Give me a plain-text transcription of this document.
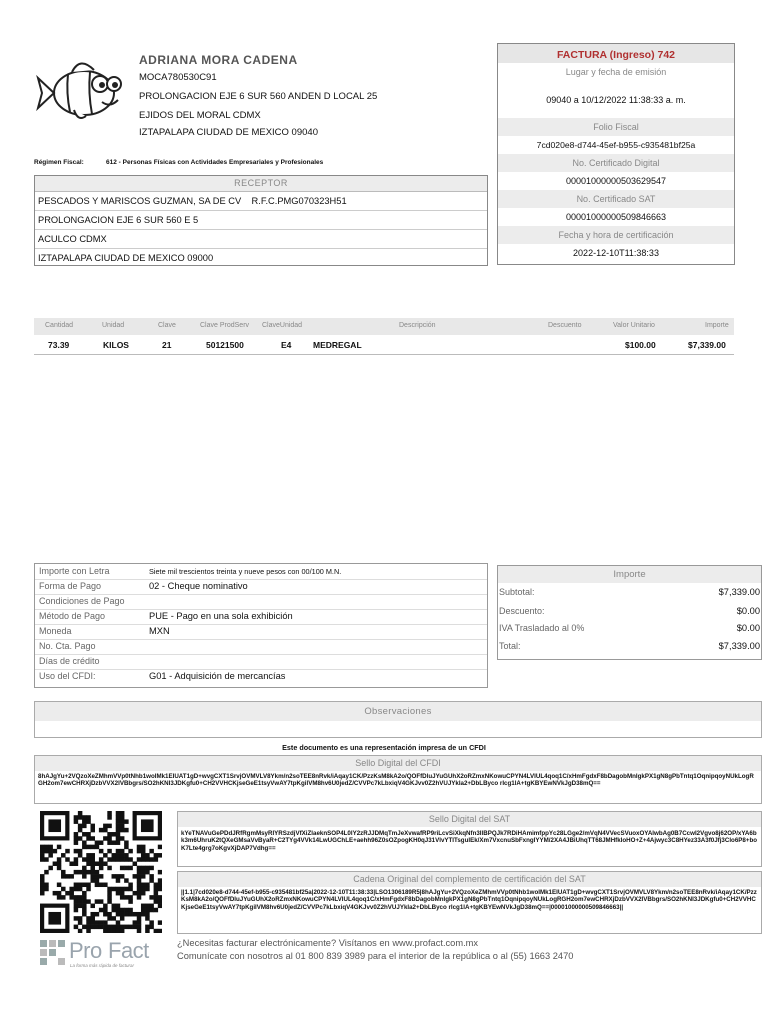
ADRIANA MORA CADENA
MOCA780530C91
PROLONGACION EJE 6 SUR 560 ANDEN D LOCAL 25
EJIDOS DEL MORAL CDMX
IZTAPALAPA CIUDAD DE MEXICO 09040
Régimen Fiscal:	612 - Personas Físicas con Actividades Empresariales y Profesionales
FACTURA (Ingreso) 742
Lugar y fecha de emisión
09040 a 10/12/2022 11:38:33 a. m.
Folio Fiscal
7cd020e8-d744-45ef-b955-c935481bf25a
No. Certificado Digital
00001000000503629547
No. Certificado SAT
00001000000509846663
Fecha y hora de certificación
2022-12-10T11:38:33
RECEPTOR
PESCADOS Y MARISCOS GUZMAN, SA DE CV    R.F.C.PMG070323H51
PROLONGACION EJE 6 SUR 560 E 5
ACULCO CDMX
IZTAPALAPA CIUDAD DE MEXICO 09000
Cantidad	Unidad	Clave	Clave ProdServ ClaveUnidad	Descripción	Descuento	Valor Unitario	Importe
73.39	KILOS	21	50121500	E4	MEDREGAL	$100.00	$7,339.00
Importe con Letra	Siete mil trescientos treinta y nueve pesos con 00/100 M.N.
Forma de Pago	02 - Cheque nominativo
Condiciones de Pago
Método de Pago	PUE - Pago en una sola exhibición
Moneda	MXN
No. Cta. Pago
Días de crédito
Uso del CFDI:	G01 - Adquisición de mercancías
Importe
Subtotal:	$7,339.00
Descuento:	$0.00
IVA Trasladado al 0%	$0.00
Total:	$7,339.00
Observaciones
Este documento es una representación impresa de un CFDI
Sello Digital del CFDI
8hAJgYu+2VQzoXeZMhmVVp0tNhb1woIMk1EIUAT1gD+wvgCXT1SrvjOVMVLV8Ykm/n2soTEE8nRvk/iAqay1CK/PzzKsM8kA2o/QOFfDluJYuGUhX2oRZmxNKowuCPYN4LVIUL4qoq1C/xHmFgdxF8bDagobMnIgkPX1gN8gPbTntq1OqnipqoyNUkLogRGH2om7ewCHRXjDzbVVX2IVBbgrs/SO2hKNI3JDKgfu0+CH2VVHCKjseGeE1tsyVwAY7tpKgiIVM8hv6U0jedZ/CVVPc7kLbxiqV4GKJvv0Z2hVUJYkla2+DbLByco rIcg1lA+tgKBYEwNVkJgD38mQ==
Sello Digital del SAT
kYeTNAVuGePDdJRfRgmMsyRIYRSzdjVfXiZlaeknSOP4L0lY2zRJJDMqTmJeXvwafRP9riLcvSiXkqNfn3lIBPQJk7RDiHAmimfppYc28LGge2/mVqN4VVecSVuoxOYAlwbAg0B7CcwI2Vgvo8j62OP/xYA6bk3m6UhruK2tQXeGMsaVvByaR+C2TYg4VVk14LwUGChLE+aehh96Z0sOZpogKH0qJ31VlvYTITsguIEk/Xm7VxcnuSbFxngIYYM/2XA4JBiUhqTT68JMHfkIoHO+Z+4Ajwyc3C8HYez33A3f0Jfj3Clo6P8+boK7Lte4grg7oKgvXjDAP7Vdhg==
Cadena Original del complemento de certificación del SAT
||1.1|7cd020e8-d744-45ef-b955-c935481bf25a|2022-12-10T11:38:33|LSO1306189R5|8hAJgYu+2VQzoXeZMhmVVp0tNhb1woIMk1EIUAT1gD+wvgCXT1SrvjOVMVLV8Ykm/n2soTEE8nRvk/iAqay1CK/PzzKsM8kA2o/QOFfDluJYuGUhX2oRZmxNKowuCPYN4LVIUL4qoq1C/xHmFgdxF8bDagobMnIgkPX1gN8gPbTntq1OqnipqoyNUkLogRGH2om7ewCHRXjDzbVVX2IVBbgrs/SO2hKNI3JDKgfu0+CH2VVHCKjseGeE1tsyVwAY7tpKgiIVM8hv6U0jedZ/CVVPc7kLbxiqV4GKJvv0Z2hVUJYkla2+DbLByco rIcg1lA+tgKBYEwNVkJgD38mQ==|00001000000509846663||
Pro Fact
La forma más rápida de facturar
¿Necesitas facturar electrónicamente? Visítanos en www.profact.com.mx
Comunícate con nosotros al 01 800 839 3989 para el interior de la república o al (55) 1663 2470
